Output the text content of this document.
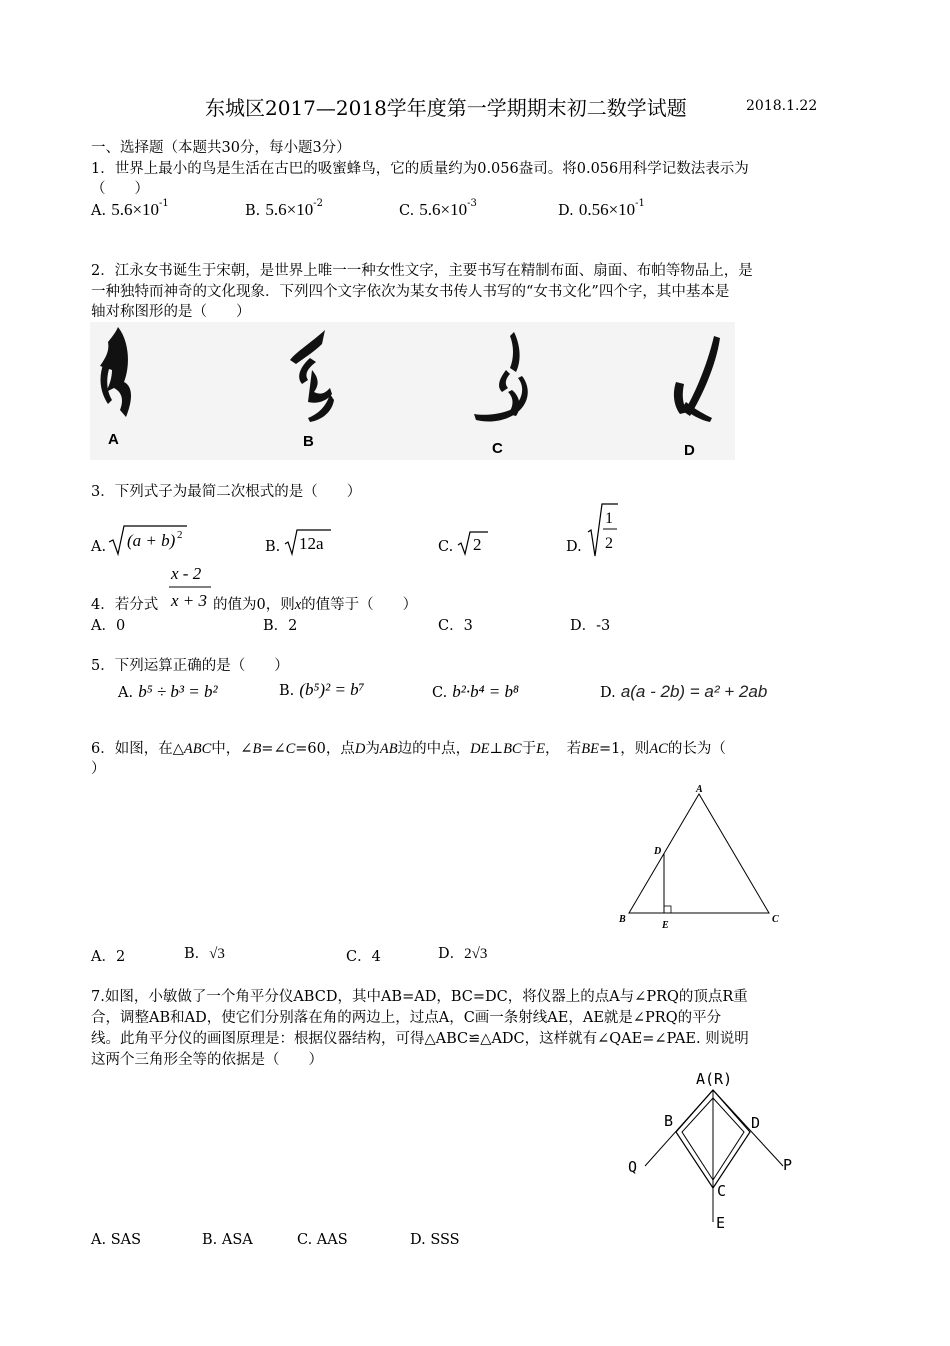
东城区2017—2018学年度第一学期期末初二数学试题	2018.1.22
一、选择题（本题共30分，每小题3分）
1．世界上最小的鸟是生活在古巴的吸蜜蜂鸟，它的质量约为0.056盎司。将0.056用科学记数法表示为
（　　）
A. $5.6\times 10^{-1}$	B. $5.6\times 10^{-2}$	C. $5.6\times 10^{-3}$	D. $0.56\times 10^{-1}$
2．江永女书诞生于宋朝，是世界上唯一一种女性文字，主要书写在精制布面、扇面、布帕等物品上，是
一种独特而神奇的文化现象．下列四个文字依次为某女书传人书写的“女书文化”四个字，其中基本是
轴对称图形的是（　　）
A	B	C	D
3．下列式子为最简二次根式的是（　　）
A. (a + b) 2
B. 12a	C. 2	D.
1
2
4．若分式
x - 2
x + 3 的值为0，则x的值等于（　　）
A．0	B．2	C．3	D．-3
5．下列运算正确的是（　　）
A. b⁵ ÷ b³ = b²	B. (b⁵)² = b⁷	C. b²·b⁴ = b⁸	D. a(a - 2b) = a² + 2ab
6．如图，在△ABC中，∠B=∠C=60，点D为AB边的中点，DE⊥BC于E，　若BE=1，则AC的长为（
）
A
D
B
E
C
A．2	B．√3	C．4	D．2√3
7.如图，小敏做了一个角平分仪ABCD，其中AB=AD，BC=DC，将仪器上的点A与∠PRQ的顶点R重
合，调整AB和AD，使它们分别落在角的两边上，过点A，C画一条射线AE，AE就是∠PRQ的平分
线。此角平分仪的画图原理是：根据仪器结构，可得△ABC≌△ADC，这样就有∠QAE=∠PAE. 则说明
这两个三角形全等的依据是（　　）
A(R)
B	D
Q	P
C
E
A. SAS	B. ASA	C. AAS	D. SSS
